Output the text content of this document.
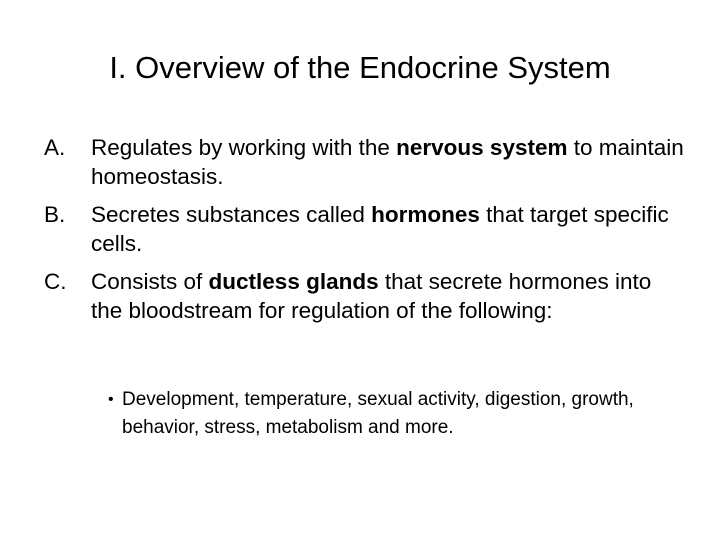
I. Overview of the Endocrine System
A.	Regulates by working with the nervous system to maintain homeostasis.
B.	Secretes substances called hormones that target specific cells.
C.	Consists of ductless glands that secrete hormones into the bloodstream for regulation of the following:
• Development, temperature, sexual activity, digestion, growth, behavior, stress, metabolism and more.
